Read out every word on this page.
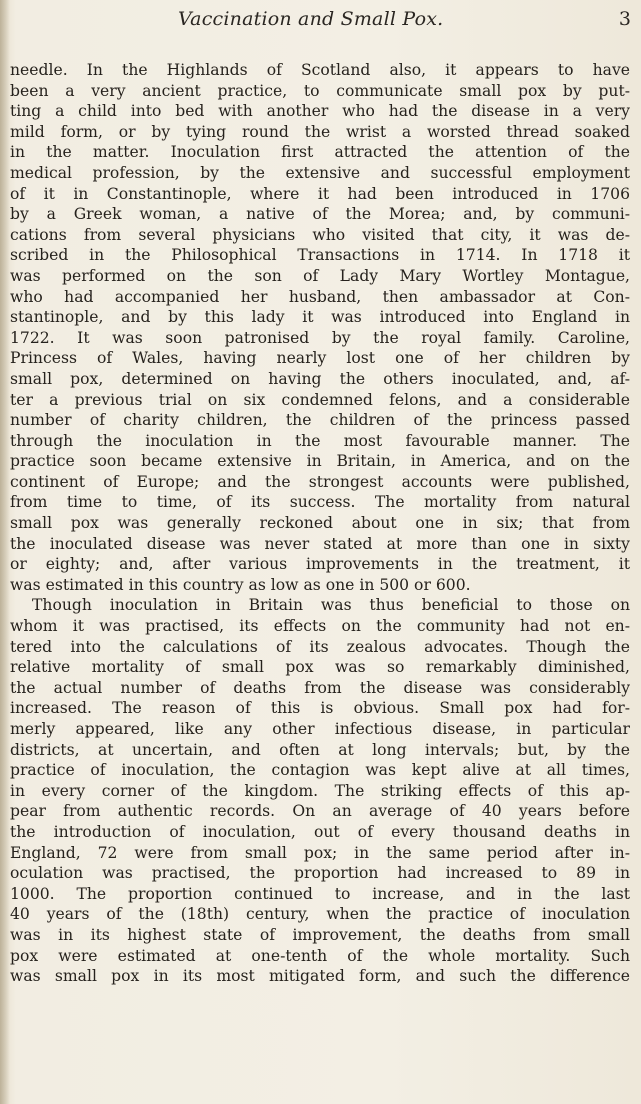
Vaccination and Small Pox.	3
needle. In the Highlands of Scotland also, it appears to have
been a very ancient practice, to communicate small pox by put-
ting a child into bed with another who had the disease in a very
mild form, or by tying round the wrist a worsted thread soaked
in the matter. Inoculation first attracted the attention of the
medical profession, by the extensive and successful employment
of it in Constantinople, where it had been introduced in 1706
by a Greek woman, a native of the Morea; and, by communi-
cations from several physicians who visited that city, it was de-
scribed in the Philosophical Transactions in 1714. In 1718 it
was performed on the son of Lady Mary Wortley Montague,
who had accompanied her husband, then ambassador at Con-
stantinople, and by this lady it was introduced into England in
1722. It was soon patronised by the royal family. Caroline,
Princess of Wales, having nearly lost one of her children by
small pox, determined on having the others inoculated, and, af-
ter a previous trial on six condemned felons, and a considerable
number of charity children, the children of the princess passed
through the inoculation in the most favourable manner. The
practice soon became extensive in Britain, in America, and on the
continent of Europe; and the strongest accounts were published,
from time to time, of its success. The mortality from natural
small pox was generally reckoned about one in six; that from
the inoculated disease was never stated at more than one in sixty
or eighty; and, after various improvements in the treatment, it
was estimated in this country as low as one in 500 or 600.
Though inoculation in Britain was thus beneficial to those on
whom it was practised, its effects on the community had not en-
tered into the calculations of its zealous advocates. Though the
relative mortality of small pox was so remarkably diminished,
the actual number of deaths from the disease was considerably
increased. The reason of this is obvious. Small pox had for-
merly appeared, like any other infectious disease, in particular
districts, at uncertain, and often at long intervals; but, by the
practice of inoculation, the contagion was kept alive at all times,
in every corner of the kingdom. The striking effects of this ap-
pear from authentic records. On an average of 40 years before
the introduction of inoculation, out of every thousand deaths in
England, 72 were from small pox; in the same period after in-
oculation was practised, the proportion had increased to 89 in
1000. The proportion continued to increase, and in the last
40 years of the (18th) century, when the practice of inoculation
was in its highest state of improvement, the deaths from small
pox were estimated at one-tenth of the whole mortality. Such
was small pox in its most mitigated form, and such the difference
